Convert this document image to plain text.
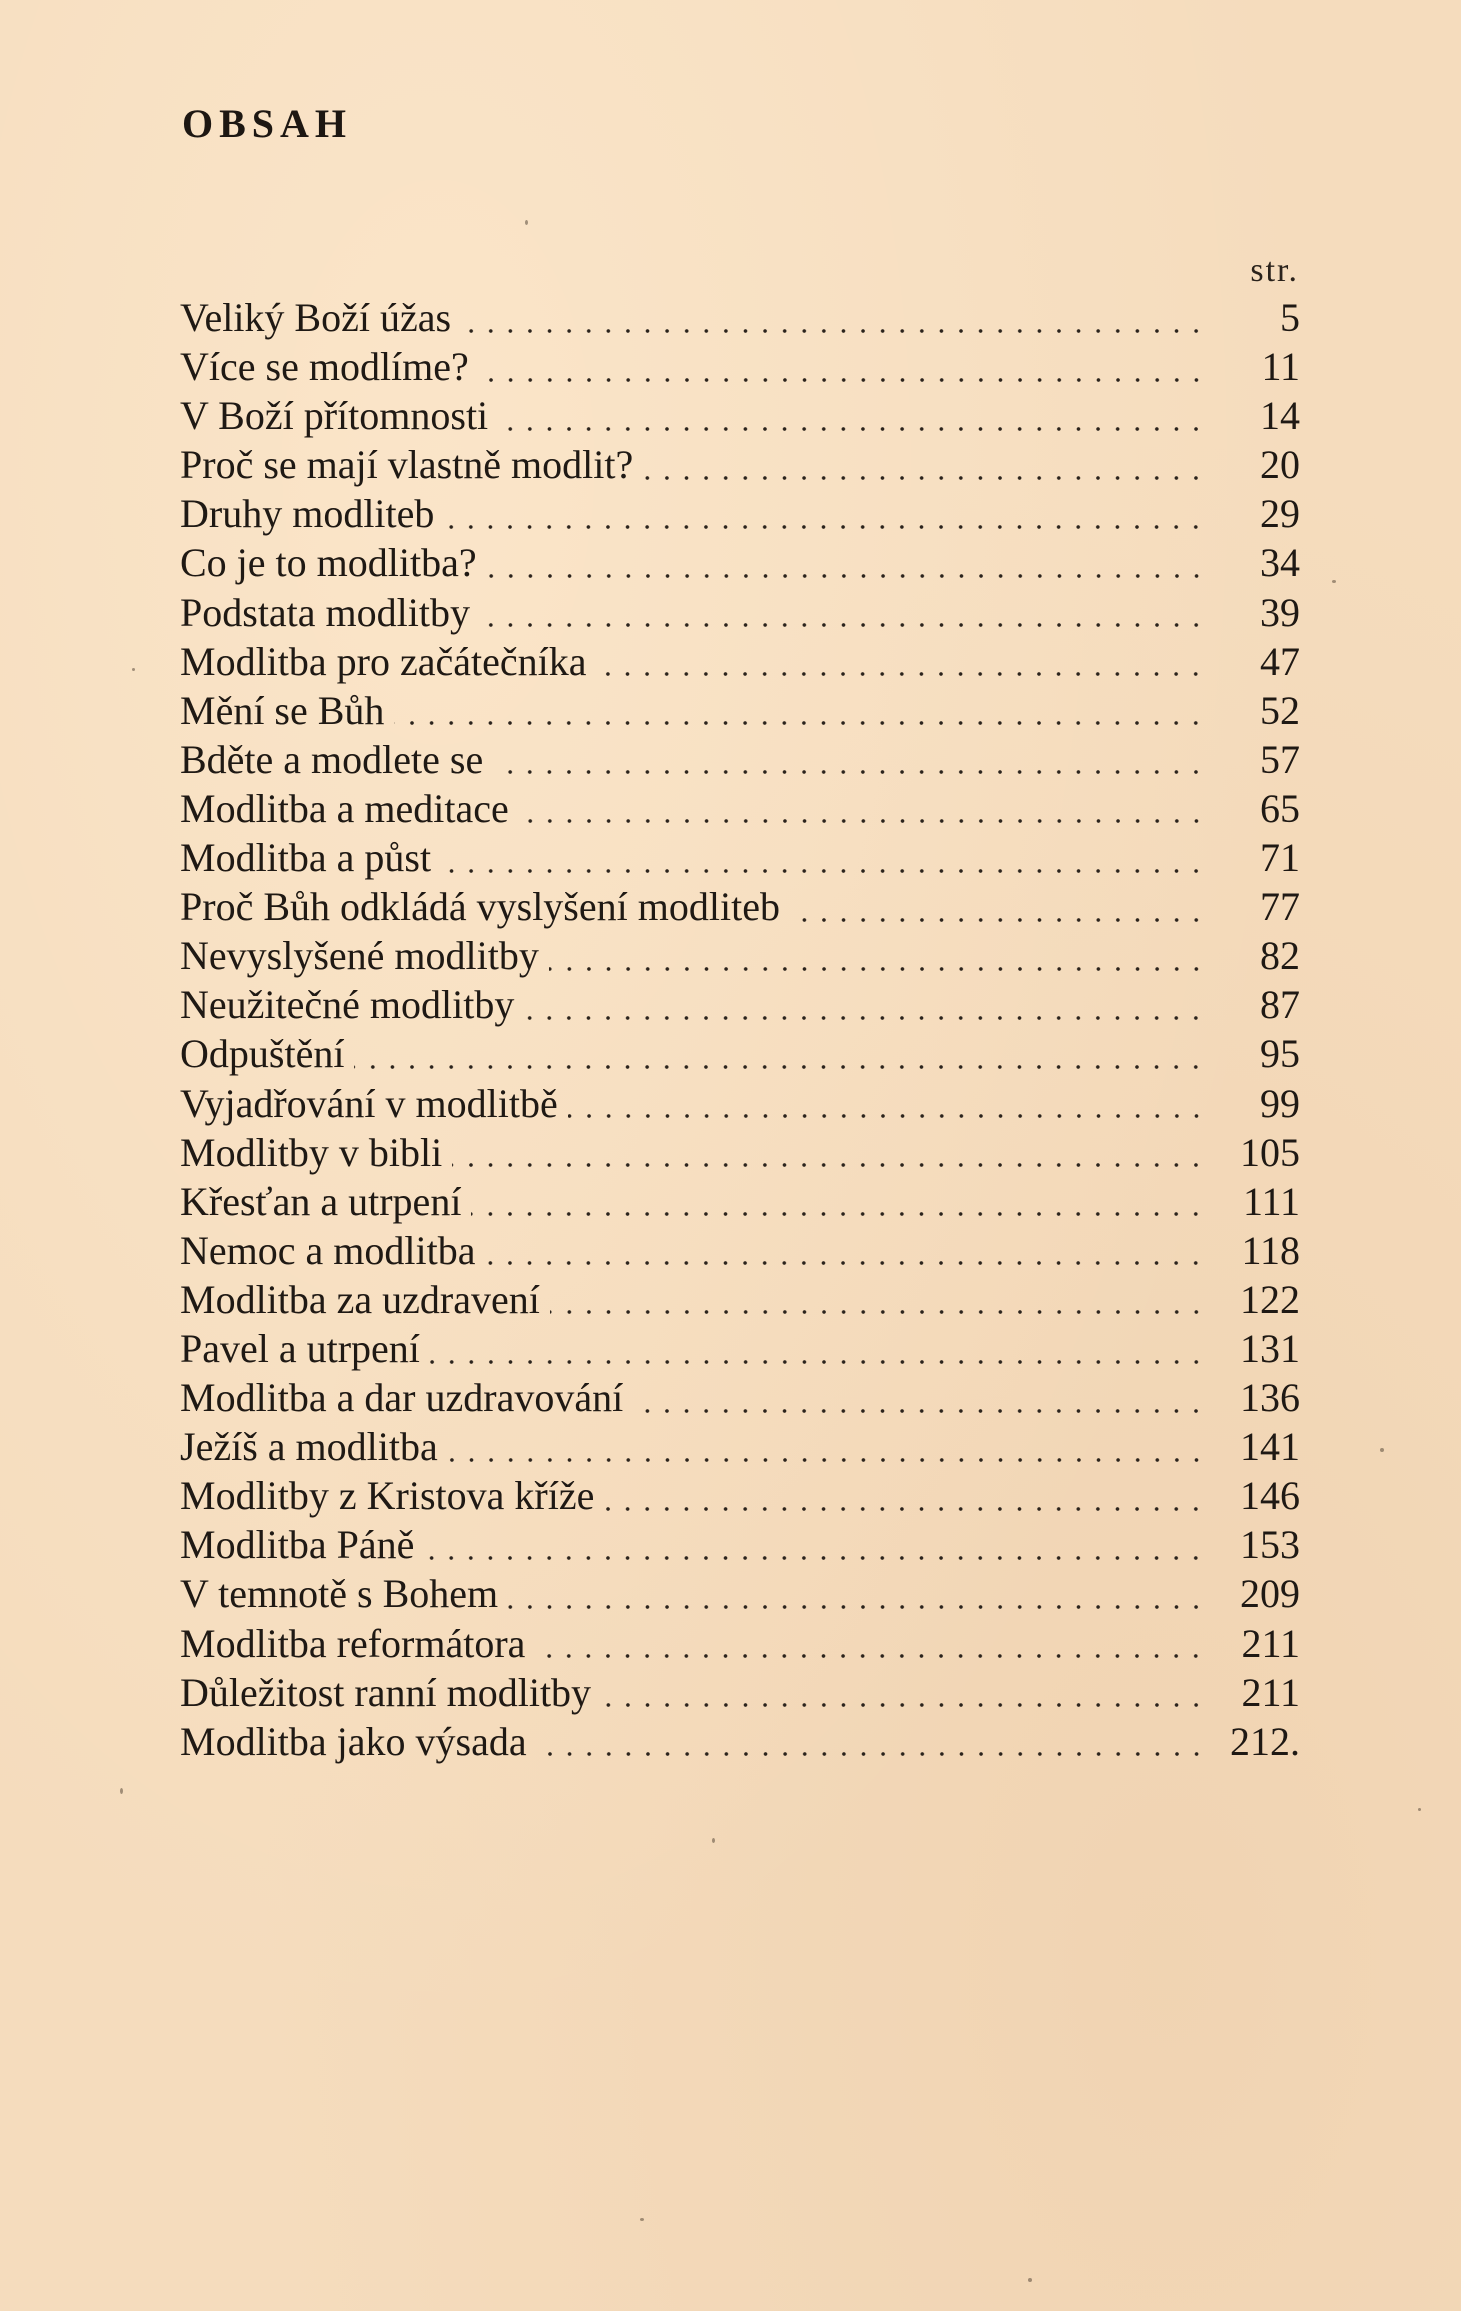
OBSAH
str.
Veliký Boží úžas	5
Více se modlíme?	11
V Boží přítomnosti	14
Proč se mají vlastně modlit?	20
Druhy modliteb	29
Co je to modlitba?	34
Podstata modlitby	39
Modlitba pro začátečníka	47
Mění se Bůh	52
Bděte a modlete se	57
Modlitba a meditace	65
Modlitba a půst	71
Proč Bůh odkládá vyslyšení modliteb	77
Nevyslyšené modlitby	82
Neužitečné modlitby	87
Odpuštění	95
Vyjadřování v modlitbě	99
Modlitby v bibli	105
Křesťan a utrpení	111
Nemoc a modlitba	118
Modlitba za uzdravení	122
Pavel a utrpení	131
Modlitba a dar uzdravování	136
Ježíš a modlitba	141
Modlitby z Kristova kříže	146
Modlitba Páně	153
V temnotě s Bohem	209
Modlitba reformátora	211
Důležitost ranní modlitby	211
Modlitba jako výsada	212.
